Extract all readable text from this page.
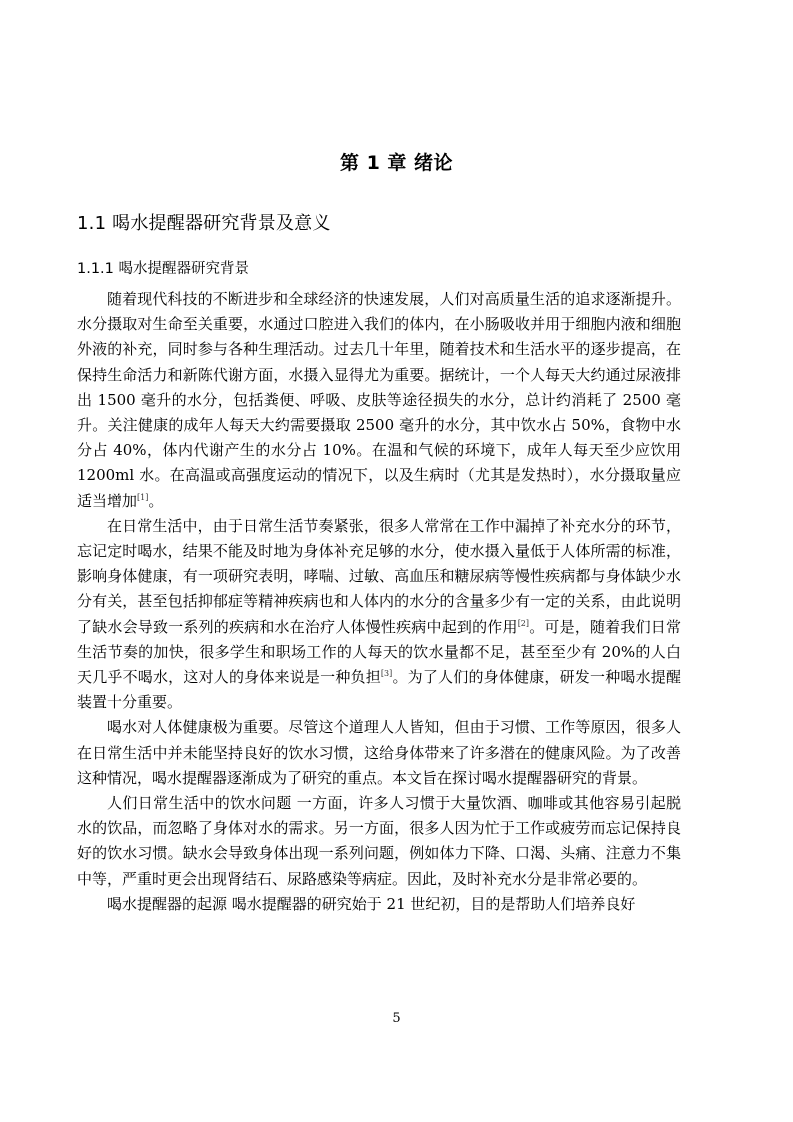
第 1 章 绪论
1.1 喝水提醒器研究背景及意义
1.1.1 喝水提醒器研究背景

随着现代科技的不断进步和全球经济的快速发展，人们对高质量生活的追求逐渐提升。水分摄取对生命至关重要，水通过口腔进入我们的体内，在小肠吸收并用于细胞内液和细胞外液的补充，同时参与各种生理活动。过去几十年里，随着技术和生活水平的逐步提高，在保持生命活力和新陈代谢方面，水摄入显得尤为重要。据统计，一个人每天大约通过尿液排出 1500 毫升的水分，包括粪便、呼吸、皮肤等途径损失的水分，总计约消耗了 2500 毫升。关注健康的成年人每天大约需要摄取 2500 毫升的水分，其中饮水占 50%，食物中水分占 40%，体内代谢产生的水分占 10%。在温和气候的环境下，成年人每天至少应饮用 1200ml 水。在高温或高强度运动的情况下，以及生病时（尤其是发热时），水分摄取量应适当增加[1]。

在日常生活中，由于日常生活节奏紧张，很多人常常在工作中漏掉了补充水分的环节，忘记定时喝水，结果不能及时地为身体补充足够的水分，使水摄入量低于人体所需的标准，影响身体健康，有一项研究表明，哮喘、过敏、高血压和糖尿病等慢性疾病都与身体缺少水分有关，甚至包括抑郁症等精神疾病也和人体内的水分的含量多少有一定的关系，由此说明了缺水会导致一系列的疾病和水在治疗人体慢性疾病中起到的作用[2]。可是，随着我们日常生活节奏的加快，很多学生和职场工作的人每天的饮水量都不足，甚至至少有 20%的人白天几乎不喝水，这对人的身体来说是一种负担[3]。为了人们的身体健康，研发一种喝水提醒装置十分重要。

喝水对人体健康极为重要。尽管这个道理人人皆知，但由于习惯、工作等原因，很多人在日常生活中并未能坚持良好的饮水习惯，这给身体带来了许多潜在的健康风险。为了改善这种情况，喝水提醒器逐渐成为了研究的重点。本文旨在探讨喝水提醒器研究的背景。

人们日常生活中的饮水问题 一方面，许多人习惯于大量饮酒、咖啡或其他容易引起脱水的饮品，而忽略了身体对水的需求。另一方面，很多人因为忙于工作或疲劳而忘记保持良好的饮水习惯。缺水会导致身体出现一系列问题，例如体力下降、口渴、头痛、注意力不集中等，严重时更会出现肾结石、尿路感染等病症。因此，及时补充水分是非常必要的。

喝水提醒器的起源 喝水提醒器的研究始于 21 世纪初，目的是帮助人们培养良好

5
